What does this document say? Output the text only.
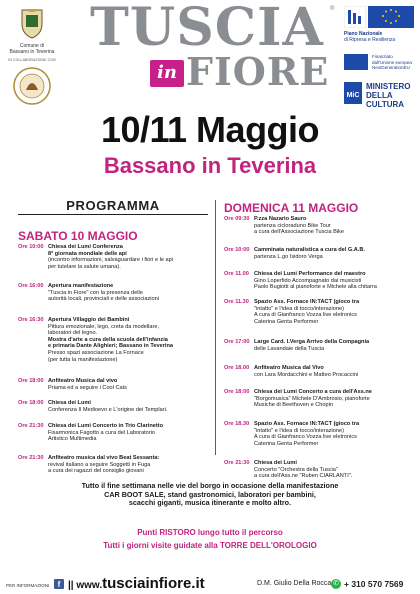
Comune di
Bassano in Teverina
IN COLLABORAZIONE CON
TUSCIA	®
in FIORE
Piano Nazionale
di Ripresa e Resilienza
Finanziato
dall'Unione europea
NextGenerationEU
MiC
MINISTERO
DELLA
CULTURA
10/11 Maggio
Bassano in Teverina
PROGRAMMA
SABATO 10 MAGGIO
DOMENICA 11 MAGGIO
Ore 10:00 Chiesa dei Lumi Conferenza
8ª giornata mondiale delle api
(incontro informazioni, salvaguardare i fiori e le api
per tutelare la salute umana).
Ore 16:00 Apertura manifestazione
"Tuscia in Fiore" con la presenza delle
autorità locali, provinciali e delle associazioni
Ore 16:30 Apertura Villaggio dei Bambini
Pittura emozionale, lego, creta da modellare,
laboratori del legno.
Mostra d'arte a cura della scuola dell'infanzia
e primaria Dante Alighieri; Bassano in Teverina
Presso spazi associazione La Fornace
(per tutta la manifestazione)
Ore 18:00 Anfiteatro Musica dal vivo
Priama ed a seguire i Cool Cats
Ore 18:00 Chiesa dei Lumi
Conferenza Il Medioevo e L'origine dei Templari.
Ore 21:30 Chiesa dei Lumi Concerto in Trio Clarinetto
Fisarmonica Fagotto a cura del Laboratorio
Artistico Multimedia
Ore 21:30 Anfiteatro musica dal vivo Beat Sessanta:
revival italiano a seguire Soggetti in Fuga
a cura dei ragazzi del consiglio giovani
Ore 09:30 P.zza Nazario Sauro
partenza cicloraduno Bike Tour
a cura dell'Associazione Tuscia Bike
Ore 10:00 Camminata naturalistica a cura del G.A.B.
partenza L.go Isidoro Verga
Ore 11.00 Chiesa dei Lumi Performance del maestro
Gino Loperfido Accompagnato dai musicisti
Paolo Bugiotti al pianoforte e Michele alla chitarra
Ore 11.30 Spazio Ass. Fornace IN:TACT (gioco tra
"intatto" e l'idea di tocco/interazione)
A cura di Gianfranco Vozza live eletronics
Caterina Genta Performer
Ore 17:00 Large Card. I.Verga Arrivo della Compagnia
delle Lavandaie della Tuscia
Ore 18.00 Anfiteatro Musica dal Vivo
con Lara Mordacchini e Matteo Procaccini
Ore 18:00 Chiesa dei Lumi Concerto a cura dell'Ass.ne
"Borgomusica" Michele D'Ambrosio, pianoforte
Musiche di Beethoven e Chopin
Ore 18.30 Spazio Ass. Fornace IN:TACT (gioco tra
"intatto" e l'idea di tocco/interazione)
A cura di Gianfranco Vozza live eletronics
Caterina Genta Performer
Ore 21:30 Chiesa dei Lumi
Concerto "Orchestra della Tuscia"
a cura dell'Ass.ne "Ruben CIARLANTI".
Tutto il fine settimana nelle vie del borgo in occasione della manifestazione
CAR BOOT SALE, stand gastronomici, laboratori per bambini,
scacchi giganti, musica itinerante e molto altro.
Punti RISTORO lungo tutto il percorso
Tutti i giorni visite guidate alla TORRE DELL'OROLOGIO
PER INFORMAZIONI	f || www.tusciainfiore.it	D.M. Giulio Della Rocca ✆ + 310 570 7569
